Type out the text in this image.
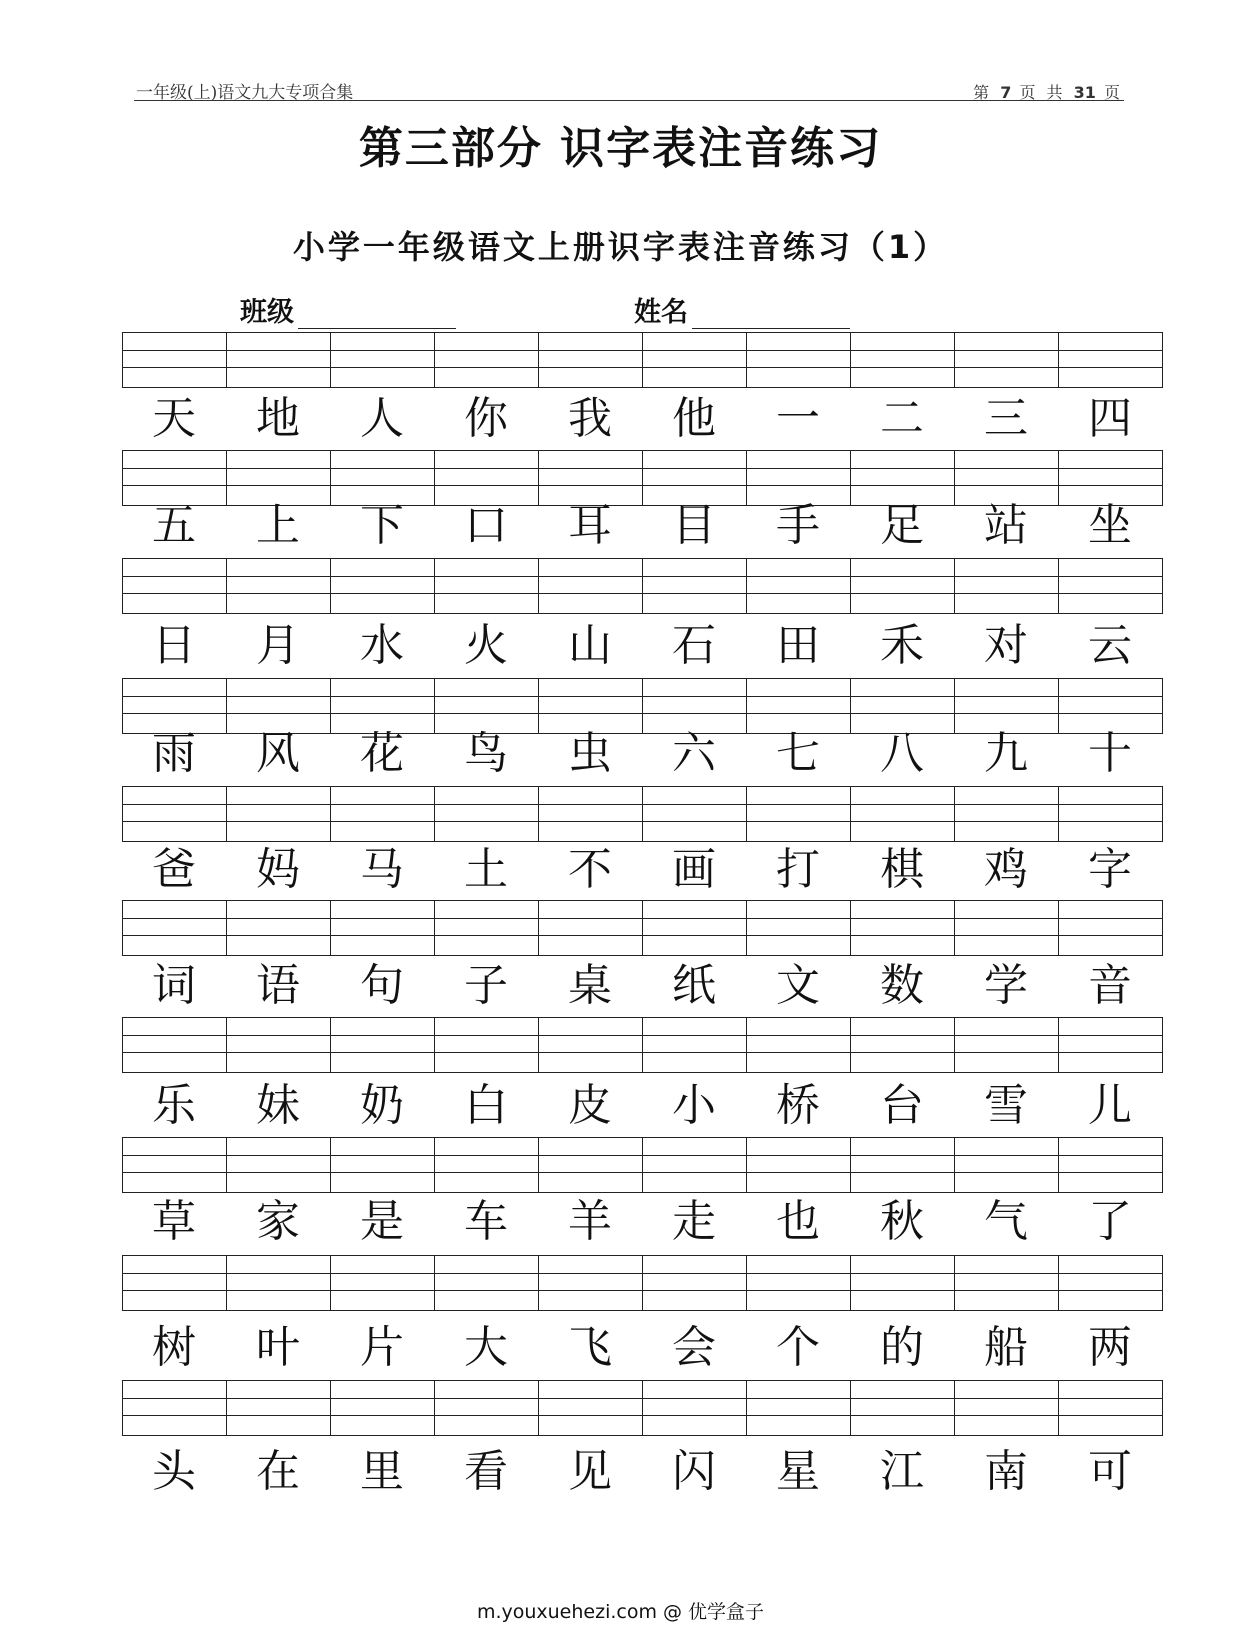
一年级(上)语文九大专项合集	第 7 页 共 31 页
第三部分 识字表注音练习
小学一年级语文上册识字表注音练习（1）
班级	姓名
天	地	人	你	我	他	一	二	三	四
五	上	下	口	耳	目	手	足	站	坐
日	月	水	火	山	石	田	禾	对	云
雨	风	花	鸟	虫	六	七	八	九	十
爸	妈	马	土	不	画	打	棋	鸡	字
词	语	句	子	桌	纸	文	数	学	音
乐	妹	奶	白	皮	小	桥	台	雪	儿
草	家	是	车	羊	走	也	秋	气	了
树	叶	片	大	飞	会	个	的	船	两
头	在	里	看	见	闪	星	江	南	可
m.youxuehezi.com @ 优学盒子
